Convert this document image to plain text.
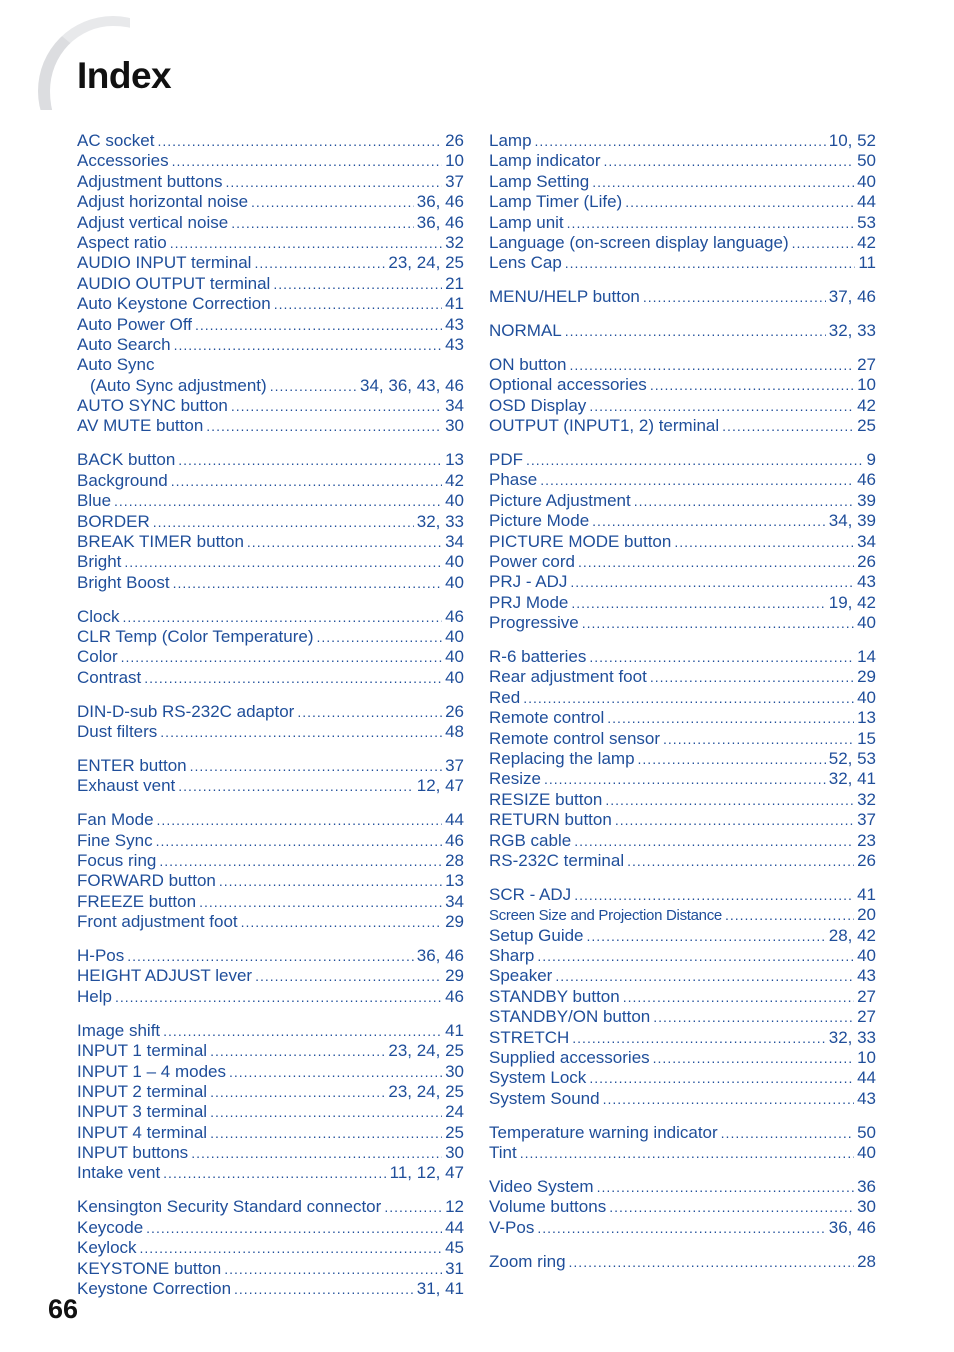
Index
AC socket .....	26
Accessories .....	10
Adjustment buttons .....	37
Adjust horizontal noise .....	36, 46
Adjust vertical noise .....	36, 46
Aspect ratio .....	32
AUDIO INPUT terminal .....	23, 24, 25
AUDIO OUTPUT terminal .....	21
Auto Keystone Correction .....	41
Auto Power Off .....	43
Auto Search .....	43
Auto Sync
(Auto Sync adjustment) .....	34, 36, 43, 46
AUTO SYNC button .....	34
AV MUTE button .....	30
BACK button .....	13
Background .....	42
Blue .....	40
BORDER .....	32, 33
BREAK TIMER button .....	34
Bright .....	40
Bright Boost .....	40
Clock .....	46
CLR Temp (Color Temperature) .....	40
Color .....	40
Contrast .....	40
DIN-D-sub RS-232C adaptor .....	26
Dust filters .....	48
ENTER button .....	37
Exhaust vent .....	12, 47
Fan Mode .....	44
Fine Sync .....	46
Focus ring .....	28
FORWARD button .....	13
FREEZE button .....	34
Front adjustment foot .....	29
H-Pos .....	36, 46
HEIGHT ADJUST lever .....	29
Help .....	46
Image shift .....	41
INPUT 1 terminal .....	23, 24, 25
INPUT 1 – 4 modes .....	30
INPUT 2 terminal .....	23, 24, 25
INPUT 3 terminal .....	24
INPUT 4 terminal .....	25
INPUT buttons .....	30
Intake vent .....	11, 12, 47
Kensington Security Standard connector .....	12
Keycode .....	44
Keylock .....	45
KEYSTONE button .....	31
Keystone Correction .....	31, 41
Lamp .....	10, 52
Lamp indicator .....	50
Lamp Setting .....	40
Lamp Timer (Life) .....	44
Lamp unit .....	53
Language (on-screen display language) .....	42
Lens Cap .....	11
MENU/HELP button .....	37, 46
NORMAL .....	32, 33
ON button .....	27
Optional accessories .....	10
OSD Display .....	42
OUTPUT (INPUT1, 2) terminal .....	25
PDF .....	9
Phase .....	46
Picture Adjustment .....	39
Picture Mode .....	34, 39
PICTURE MODE button .....	34
Power cord .....	26
PRJ - ADJ .....	43
PRJ Mode .....	19, 42
Progressive .....	40
R-6 batteries .....	14
Rear adjustment foot .....	29
Red .....	40
Remote control .....	13
Remote control sensor .....	15
Replacing the lamp .....	52, 53
Resize .....	32, 41
RESIZE button .....	32
RETURN button .....	37
RGB cable .....	23
RS-232C terminal .....	26
SCR - ADJ .....	41
Screen Size and Projection Distance .....	20
Setup Guide .....	28, 42
Sharp .....	40
Speaker .....	43
STANDBY button .....	27
STANDBY/ON button .....	27
STRETCH .....	32, 33
Supplied accessories .....	10
System Lock .....	44
System Sound .....	43
Temperature warning indicator .....	50
Tint .....	40
Video System .....	36
Volume buttons .....	30
V-Pos .....	36, 46
Zoom ring .....	28
66
